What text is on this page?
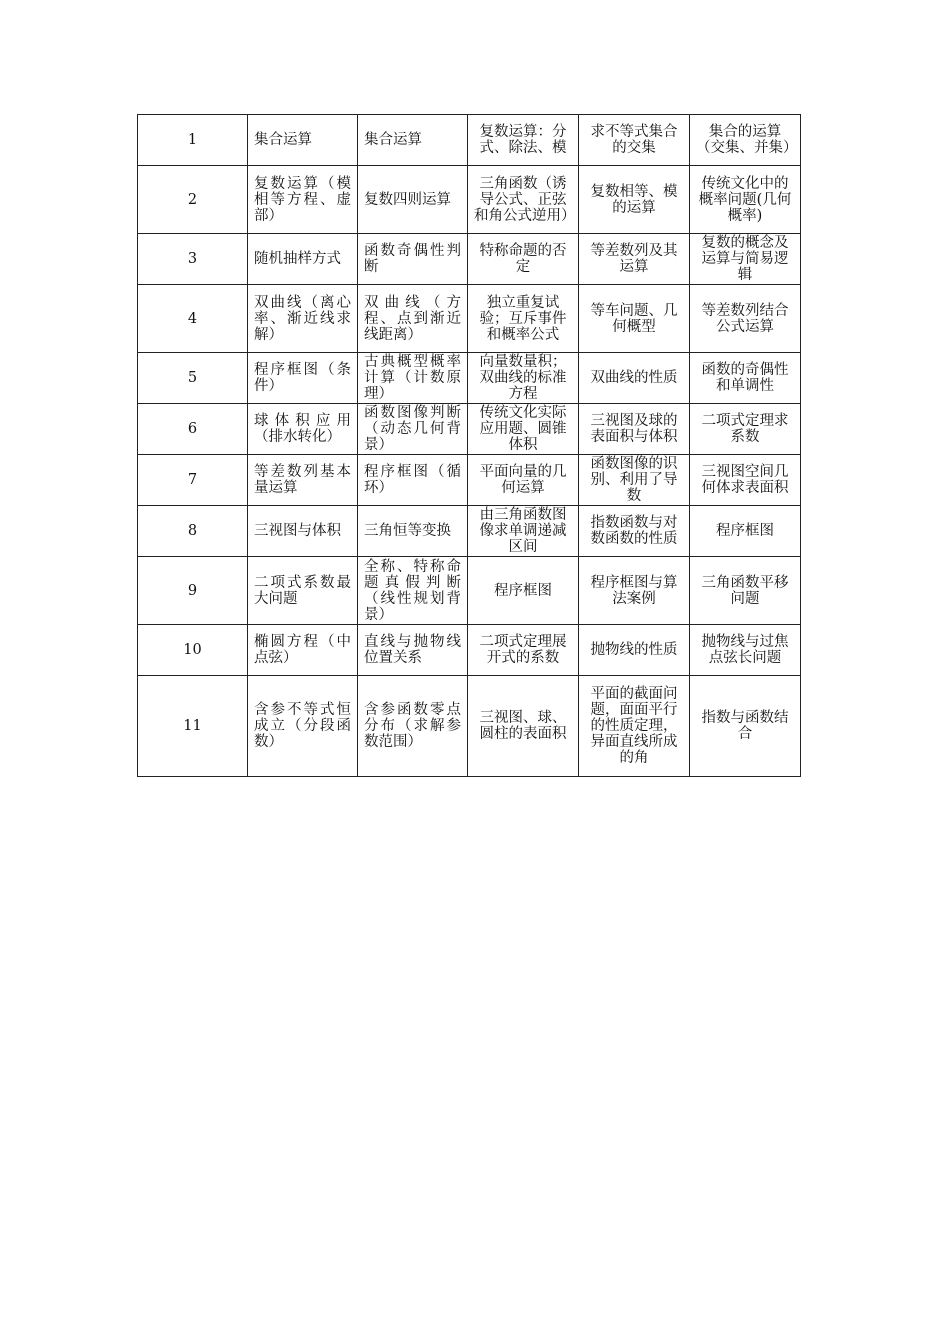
1	集合运算	集合运算	复数运算：分式、除法、模	求不等式集合的交集	集合的运算（交集、并集）
2	复数运算（模相等方程、虚部）	复数四则运算	三角函数（诱导公式、正弦和角公式逆用）	复数相等、模的运算	传统文化中的概率问题(几何概率)
3	随机抽样方式	函数奇偶性判断	特称命题的否定	等差数列及其运算	复数的概念及运算与简易逻辑
4	双曲线（离心率、渐近线求解）	双曲线（方程、点到渐近线距离）	独立重复试验；互斥事件和概率公式	等车问题、几何概型	等差数列结合公式运算
5	程序框图（条件）	古典概型概率计算（计数原理）	向量数量积；双曲线的标准方程	双曲线的性质	函数的奇偶性和单调性
6	球体积应用（排水转化）	函数图像判断（动态几何背景）	传统文化实际应用题、圆锥体积	三视图及球的表面积与体积	二项式定理求系数
7	等差数列基本量运算	程序框图（循环）	平面向量的几何运算	函数图像的识别、利用了导数	三视图空间几何体求表面积
8	三视图与体积	三角恒等变换	由三角函数图像求单调递减区间	指数函数与对数函数的性质	程序框图
9	二项式系数最大问题	全称、特称命题真假判断（线性规划背景）	程序框图	程序框图与算法案例	三角函数平移问题
10	椭圆方程（中点弦）	直线与抛物线位置关系	二项式定理展开式的系数	抛物线的性质	抛物线与过焦点弦长问题
11	含参不等式恒成立（分段函数）	含参函数零点分布（求解参数范围）	三视图、球、圆柱的表面积	平面的截面问题，面面平行的性质定理，异面直线所成的角	指数与函数结合
